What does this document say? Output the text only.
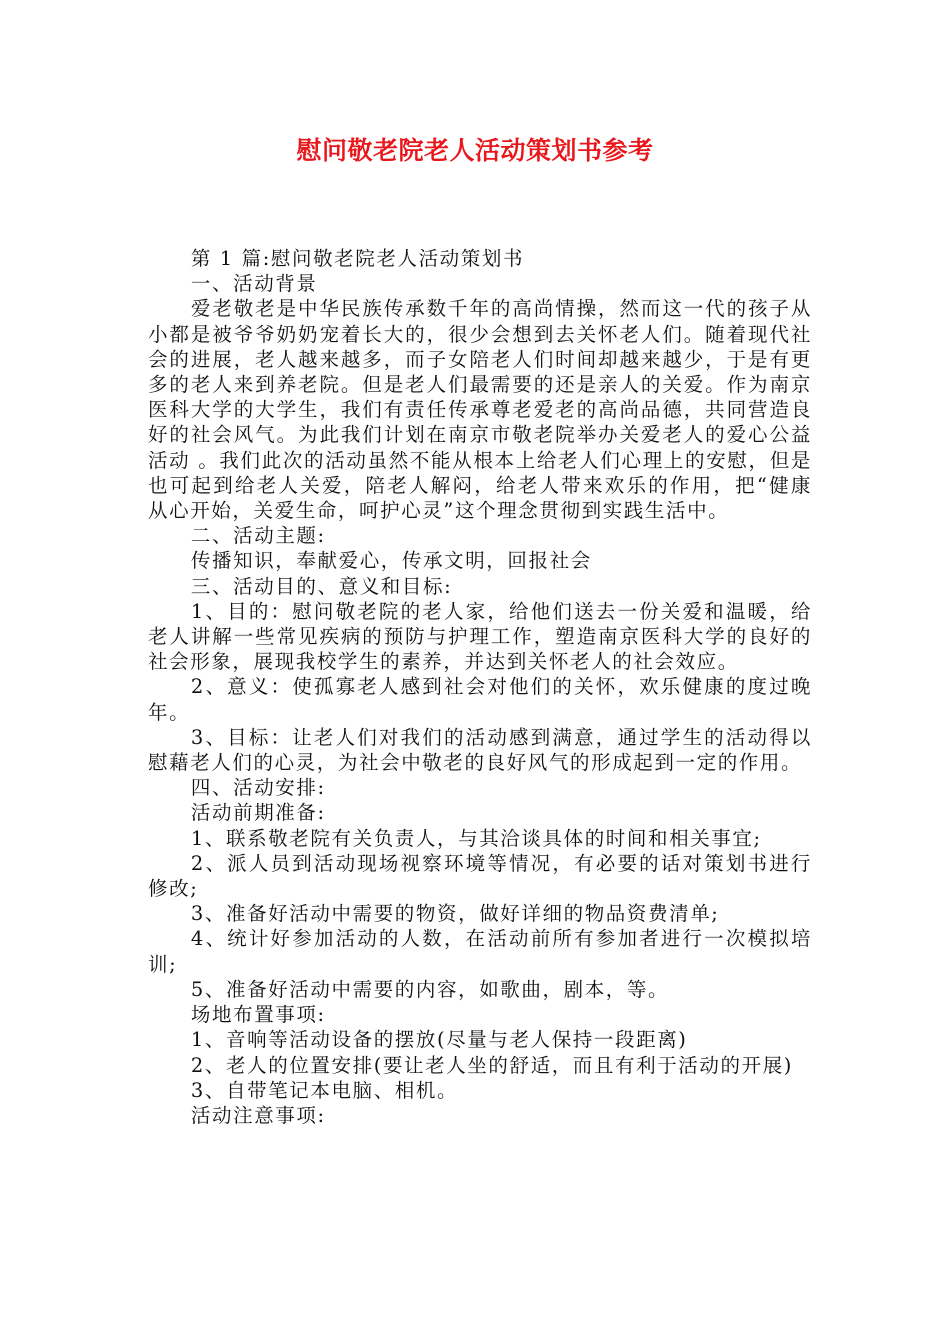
慰问敬老院老人活动策划书参考

第 1 篇:慰问敬老院老人活动策划书

一、活动背景

爱老敬老是中华民族传承数千年的高尚情操，然而这一代的孩子从小都是被爷爷奶奶宠着长大的，很少会想到去关怀老人们。随着现代社会的进展，老人越来越多，而子女陪老人们时间却越来越少，于是有更多的老人来到养老院。但是老人们最需要的还是亲人的关爱。作为南京医科大学的大学生，我们有责任传承尊老爱老的高尚品德，共同营造良好的社会风气。为此我们计划在南京市敬老院举办关爱老人的爱心公益活动 。我们此次的活动虽然不能从根本上给老人们心理上的安慰，但是也可起到给老人关爱，陪老人解闷，给老人带来欢乐的作用，把“健康从心开始，关爱生命，呵护心灵”这个理念贯彻到实践生活中。

二、活动主题:

传播知识，奉献爱心，传承文明，回报社会

三、活动目的、意义和目标:

1、目的：慰问敬老院的老人家，给他们送去一份关爱和温暖，给老人讲解一些常见疾病的预防与护理工作，塑造南京医科大学的良好的社会形象，展现我校学生的素养，并达到关怀老人的社会效应。

2、意义：使孤寡老人感到社会对他们的关怀，欢乐健康的度过晚年。

3、目标：让老人们对我们的活动感到满意，通过学生的活动得以慰藉老人们的心灵，为社会中敬老的良好风气的形成起到一定的作用。

四、活动安排:

活动前期准备:

1、联系敬老院有关负责人，与其洽谈具体的时间和相关事宜;

2、派人员到活动现场视察环境等情况，有必要的话对策划书进行修改;

3、准备好活动中需要的物资，做好详细的物品资费清单;

4、统计好参加活动的人数，在活动前所有参加者进行一次模拟培训;

5、准备好活动中需要的内容，如歌曲，剧本，等。

场地布置事项:

1、音响等活动设备的摆放(尽量与老人保持一段距离)

2、老人的位置安排(要让老人坐的舒适，而且有利于活动的开展)

3、自带笔记本电脑、相机。

活动注意事项:
